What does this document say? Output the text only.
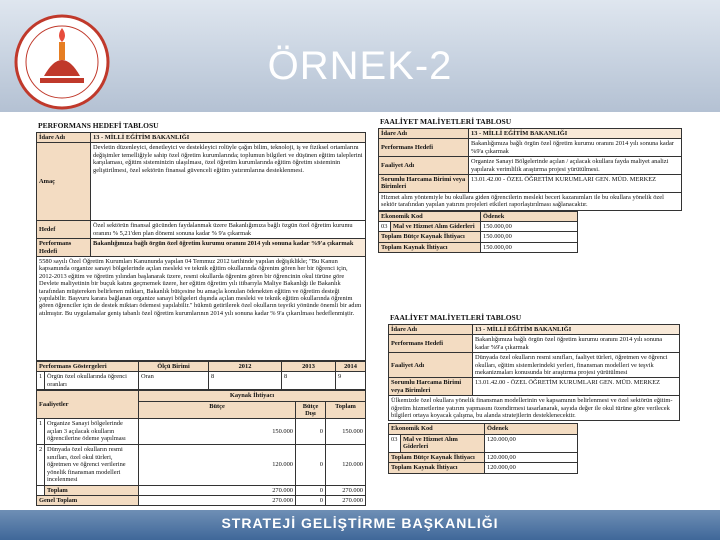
ÖRNEK-2
PERFORMANS HEDEFİ TABLOSU
İdare Adı	13 - MİLLİ EĞİTİM BAKANLIĞI
Amaç	Devletin düzenleyici, denetleyici ve destekleyici rolüyle çağın bilim, teknoloji, iş ve fiziksel ortamlarını değişimler temelliğiyle sahip özel öğretim kurumlarında; toplumun bilgileri ve düşünen eğitim taleplerini karşılaması, eğitim sisteminizin ulaşılması, özel öğretim kurumlarında eğitim öğretim sisteminin geliştirilmesi, özel sektörün finansal güvenceli eğitim yatırımlarına desteklenmesi.
Hedef	Özel sektörün finansal gücünden faydalanmak üzere Bakanlığımıza bağlı özgün özel öğretim kurumu oranını % 5,21'den plan dönemi sonuna kadar % 9'a çıkarmak
Performans Hedefi	Bakanlığımıza bağlı örgün özel öğretim kurumu oranını 2014 yılı sonuna kadar %9'a çıkarmak
5580 sayılı Özel Öğretim Kurumları Kanununda yapılan 04 Temmuz 2012 tarihinde yapılan değişiklikle; "Bu Kanun kapsamında organize sanayi bölgelerinde açılan mesleki ve teknik eğitim okullarında öğrenim gören her bir öğrenci için, 2012-2013 eğitim ve öğretim yılından başlanarak üzere, resmi okullarda öğrenim gören bir öğrencinin okul türüne göre Devlete maliyetinin bir buçuk katını geçmemek üzere, her eğitim öğretim yılı itibarıyla Maliye Bakanlığı ile Bakanlık tarafından müştereken belirlenen miktarı, Bakanlık bütçesine bu amaçla konulan ödenekten eğitim ve öğretim desteği yapılabilir. Başvuru karara bağlanan organize sanayi bölgeleri dışında açılan mesleki ve teknik eğitim okullarında öğrenim gören öğrenciler için de destek miktarı ödemesi yapılabilir." hükmü getirilerek özel okulların teşviki yönünde önemli bir adım atılmıştır. Bu uygulamalar geniş tabanlı özel öğretim kurumlarının 2014 yılı sonuna kadar % 9'a çıkarılması hedeflenmiştir.	
Performans Göstergeleri		Ölçü Birimi	2012	2013	2014
1	Örgün özel okullarında öğrenci oranları	Oran	8	8	9
Faaliyetler		Kaynak İhtiyacı		
		Bütçe	Bütçe Dışı	Toplam
1	Organize Sanayi bölgelerinde açılan 3 açılacak okulların öğrencilerine ödeme yapılması	150.000	0	150.000
2	Dünyada özel okulların resmi sınıfları, özel okul türleri, öğretmen ve öğrenci verilerine yönelik finansman modelleri incelenmesi	120.000	0	120.000
	Toplam	270.000	0	270.000
Genel Toplam		270.000	0	270.000
FAALİYET MALİYETLERİ TABLOSU
İdare Adı	13 - MİLLİ EĞİTİM BAKANLIĞI
Performans Hedefi	Bakanlığımıza bağlı örgün özel öğretim kurumu oranını 2014 yılı sonuna kadar %9'a çıkarmak
Faaliyet Adı	Organize Sanayi Bölgelerinde açılan / açılacak okullara fayda maliyet analizi yapılarak verimlilik araştırma projesi yürütülmesi.
Sorumlu Harcama Birimi veya Birimleri	13.01.42.00 - ÖZEL ÖĞRETİM KURUMLARI GEN. MÜD. MERKEZ
Hizmet alım yöntemiyle bu okullara giden öğrencilerin mesleki beceri kazanımları ile bu okullara yönelik özel sektör tarafından yapılan yatırım projeleri etkileri raporlaştırılması sağlanacaktır.	
Ekonomik Kod		Ödenek
03	Mal ve Hizmet Alım Giderleri	150.000,00
Toplam Bütçe Kaynak İhtiyacı		150.000,00
Toplam Kaynak İhtiyacı		150.000,00
FAALİYET MALİYETLERİ TABLOSU
İdare Adı	13 - MİLLİ EĞİTİM BAKANLIĞI
Performans Hedefi	Bakanlığımıza bağlı örgün özel öğretim kurumu oranını 2014 yılı sonuna kadar %9'a çıkarmak
Faaliyet Adı	Dünyada özel okulların resmi sınıfları, faaliyet türleri, öğretmen ve öğrenci okulları, eğitim sistemlerindeki yerleri, finansman modelleri ve teşvik mekanizmaları konusunda bir araştırma projesi yürütülmesi
Sorumlu Harcama Birimi veya Birimleri	13.01.42.00 - ÖZEL ÖĞRETİM KURUMLARI GEN. MÜD. MERKEZ
Ülkemizde özel okullara yönelik finansman modellerinin ve kapsamının belirlenmesi ve özel sektörün eğitim-öğretim hizmetlerine yatırım yapmasını özendirmesi tasarlanarak, sayıda değer ile okul türüne göre verilecek bilgileri ortaya koyacak çalışma, bu alanda stratejilerin desteklenecektir.	
Ekonomik Kod		Ödenek
03	Mal ve Hizmet Alım Giderleri	120.000,00
Toplam Bütçe Kaynak İhtiyacı		120.000,00
Toplam Kaynak İhtiyacı		120.000,00
STRATEJİ GELİŞTİRME BAŞKANLIĞI
